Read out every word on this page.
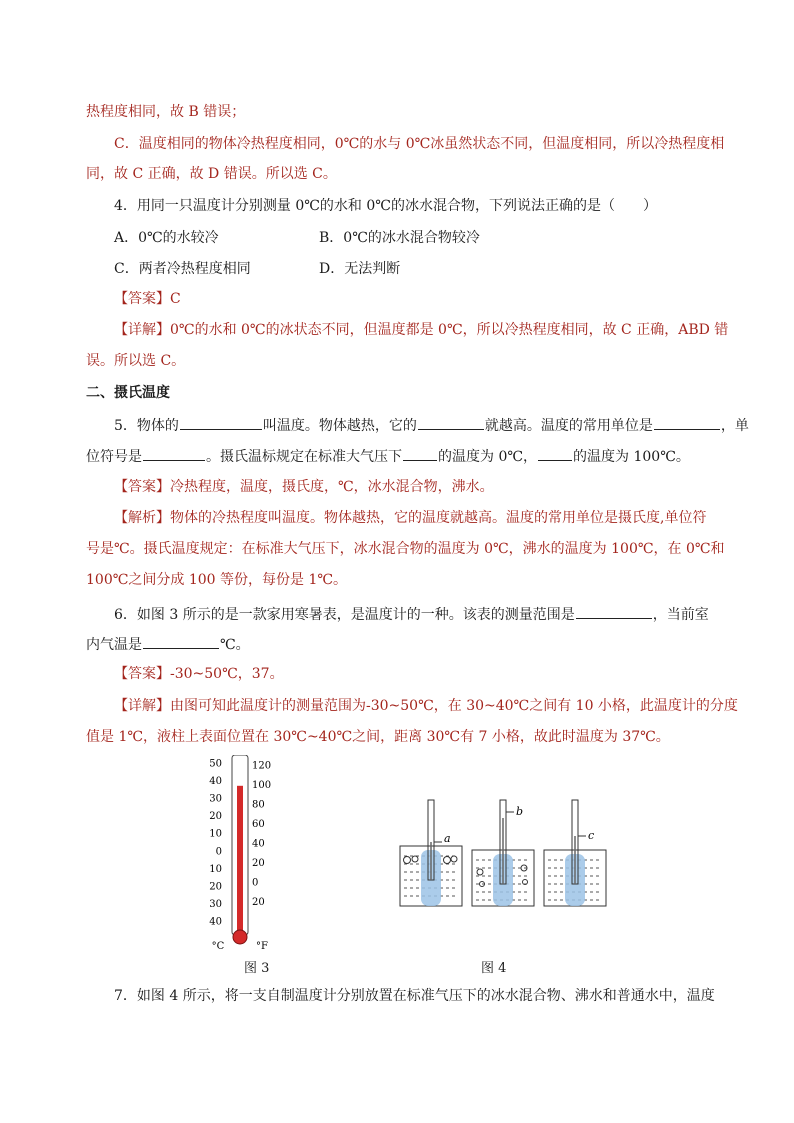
热程度相同，故 B 错误；
C．温度相同的物体冷热程度相同，0℃的水与 0℃冰虽然状态不同，但温度相同，所以冷热程度相
同，故 C 正确，故 D 错误。所以选 C。
4．用同一只温度计分别测量 0℃的水和 0℃的冰水混合物，下列说法正确的是（　　）
A．0℃的水较冷	B．0℃的冰水混合物较冷
C．两者冷热程度相同	D．无法判断
【答案】C
【详解】0℃的水和 0℃的冰状态不同，但温度都是 0℃，所以冷热程度相同，故 C 正确，ABD 错
误。所以选 C。
二、摄氏温度
5．物体的	叫温度。物体越热，它的	就越高。温度的常用单位是	，单
位符号是	。摄氏温标规定在标准大气压下	的温度为 0℃，	的温度为 100℃。
【答案】冷热程度，温度，摄氏度，℃，冰水混合物，沸水。
【解析】物体的冷热程度叫温度。物体越热，它的温度就越高。温度的常用单位是摄氏度,单位符
号是℃。摄氏温度规定：在标准大气压下，冰水混合物的温度为 0℃，沸水的温度为 100℃，在 0℃和
100℃之间分成 100 等份，每份是 1℃。
6．如图 3 所示的是一款家用寒暑表，是温度计的一种。该表的测量范围是	，当前室
内气温是	℃。
【答案】-30~50℃，37。
【详解】由图可知此温度计的测量范围为-30~50℃，在 30~40℃之间有 10 小格，此温度计的分度
值是 1℃，液柱上表面位置在 30℃~40℃之间，距离 30℃有 7 小格，故此时温度为 37℃。
50
40
30
20
10
0
10
20
30
40
120
100
80
60
40
20
0
20
°C	°F
图 3
a
b
c
图 4
7．如图 4 所示，将一支自制温度计分别放置在标准气压下的冰水混合物、沸水和普通水中，温度
